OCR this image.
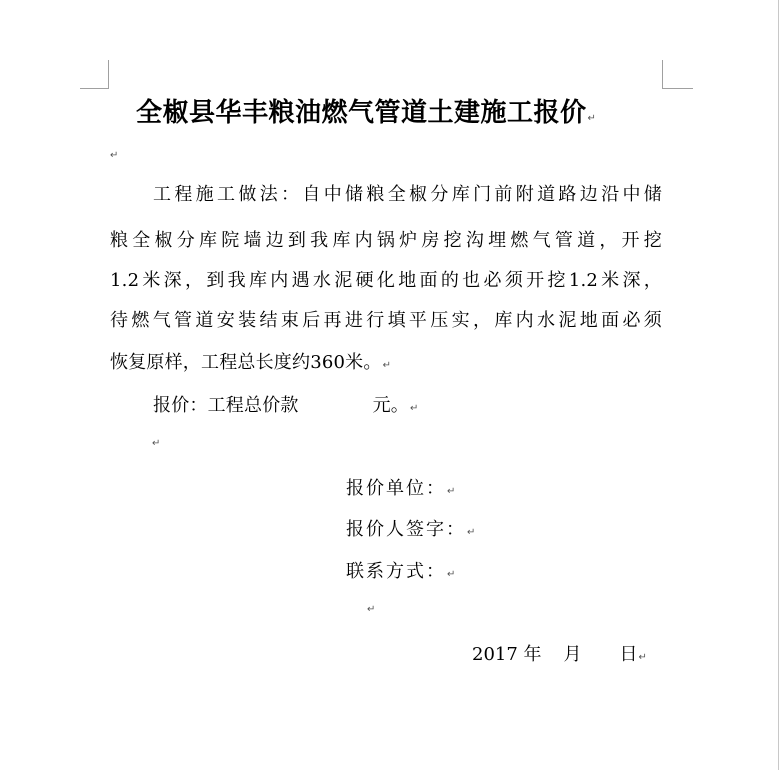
全椒县华丰粮油燃气管道土建施工报价↵
↵
工程施工做法：自中储粮全椒分库门前附道路边沿中储
粮全椒分库院墙边到我库内锅炉房挖沟埋燃气管道，开挖
1.2米深，到我库内遇水泥硬化地面的也必须开挖1.2米深，
待燃气管道安装结束后再进行填平压实，库内水泥地面必须
恢复原样，工程总长度约360米。↵
报价：工程总价款	元。↵
↵
报价单位：↵
报价人签字：↵
联系方式：↵
↵
2017 年 月 日↵
